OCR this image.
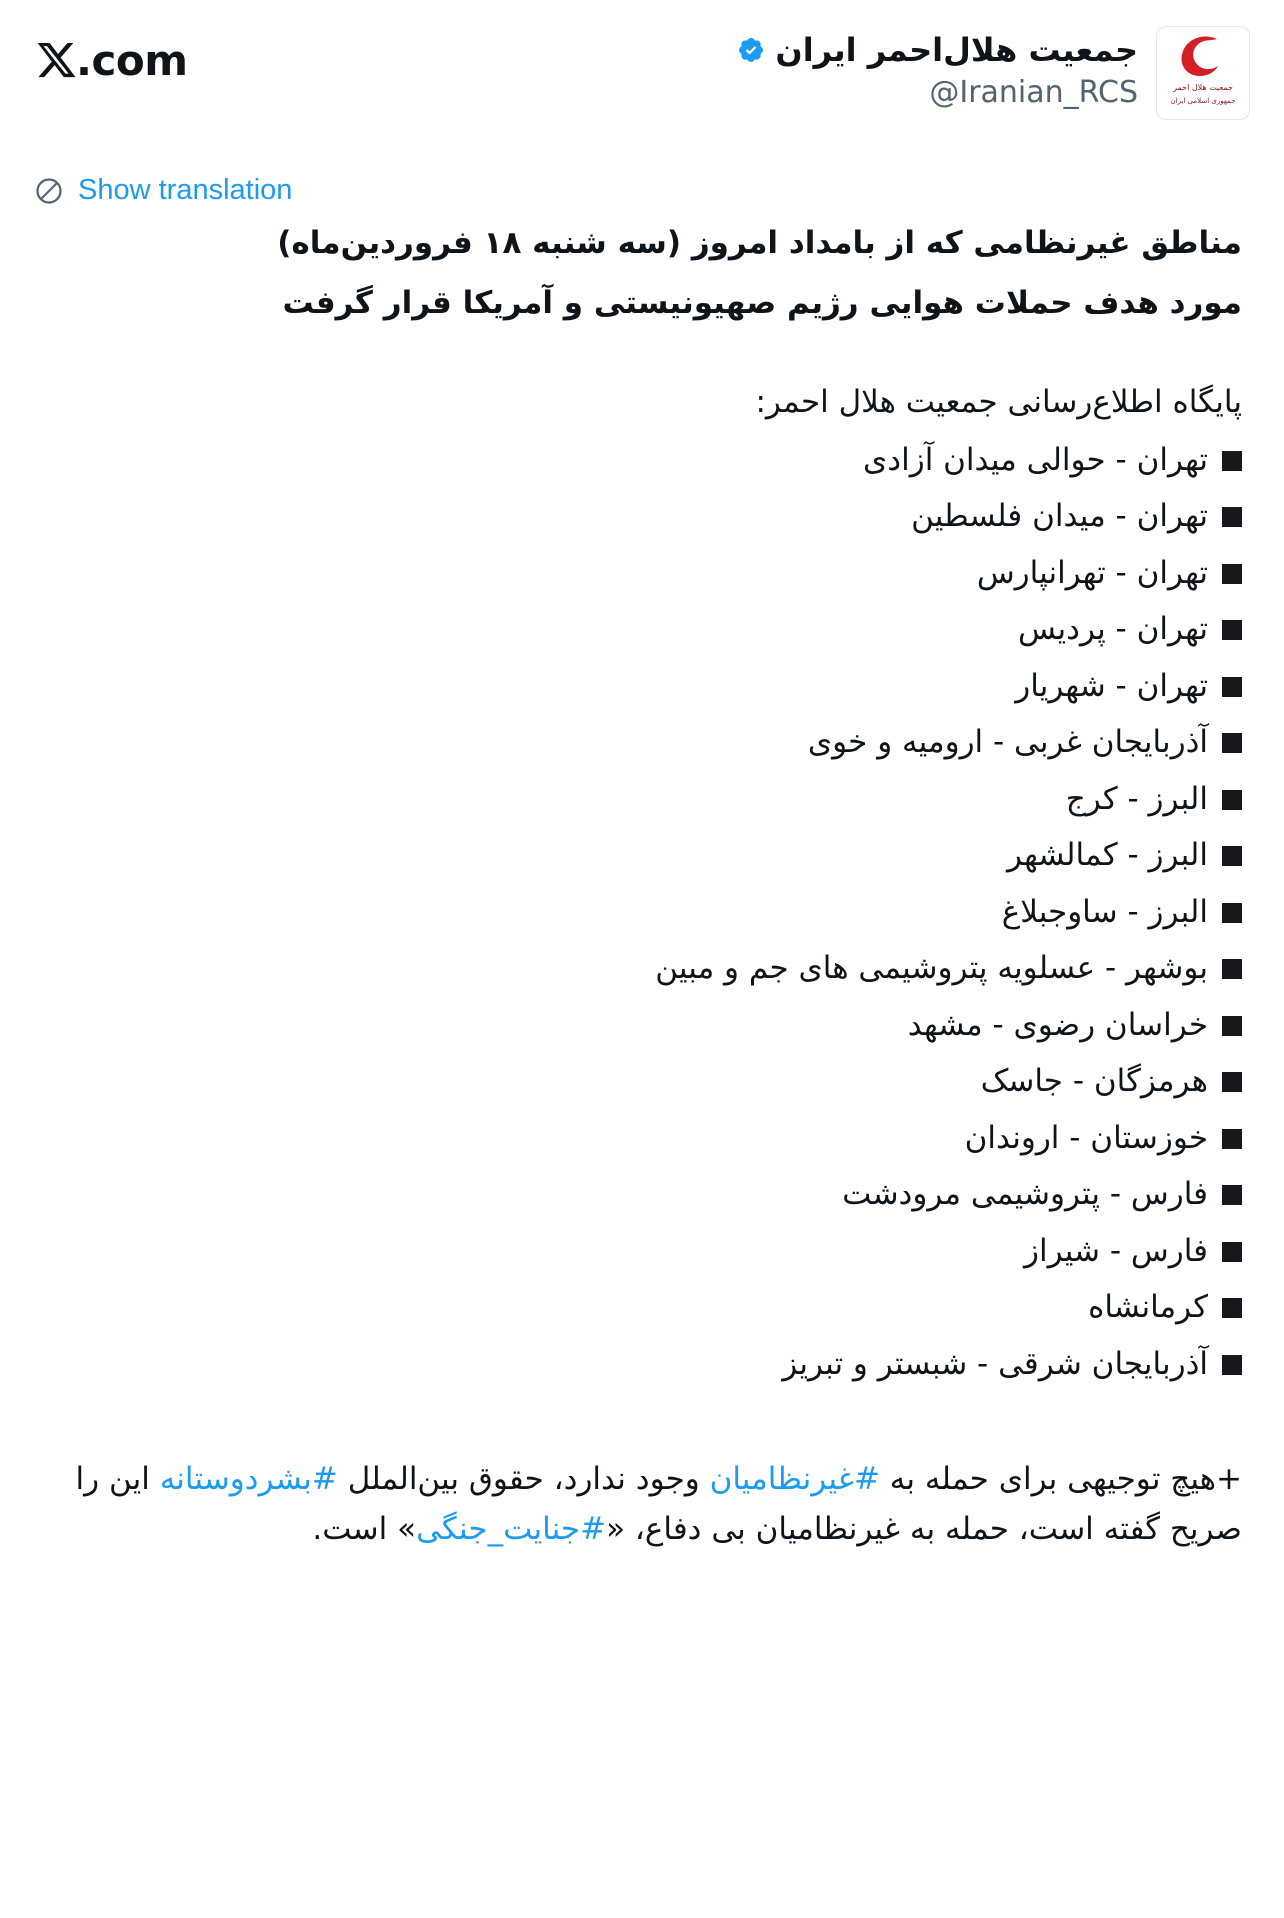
جمعیت هلال احمر
جمهوری اسلامی ایران
جمعیت هلال‌احمر ایران
@Iranian_RCS
.com
Show translation
مناطق غیرنظامی که از بامداد امروز (سه شنبه ۱۸ فروردین‌ماه)
مورد هدف حملات هوایی رژیم صهیونیستی و آمریکا قرار گرفت
پایگاه اطلاع‌رسانی جمعیت هلال احمر:
تهران - حوالی میدان آزادی
تهران - میدان فلسطین
تهران - تهرانپارس
تهران - پردیس
تهران - شهریار
آذربایجان غربی - ارومیه و خوی
البرز - کرج
البرز - کمالشهر
البرز - ساوجبلاغ
بوشهر - عسلویه پتروشیمی های جم و مبین
خراسان رضوی - مشهد
هرمزگان - جاسک
خوزستان - اروندان
فارس - پتروشیمی مرودشت
فارس - شیراز
کرمانشاه
آذربایجان شرقی - شبستر و تبریز
+هیچ توجیهی برای حمله به #غیرنظامیان وجود ندارد، حقوق بین‌الملل #بشردوستانه این را صریح گفته است، حمله به غیرنظامیان بی دفاع، «#جنایت_جنگی» است.
